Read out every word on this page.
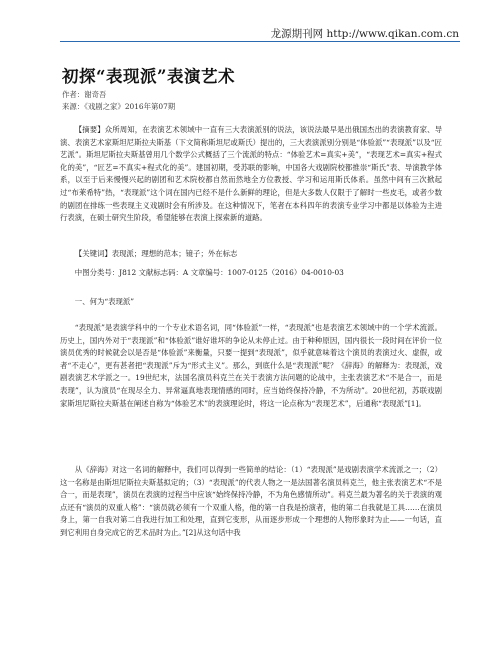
龙源期刊网 http://www.qikan.com.cn
初探“表现派”表演艺术
作者：谢奇吾
来源：《戏剧之家》2016年第07期

【摘要】众所周知，在表演艺术领域中一直有三大表演派别的说法，该说法最早是出俄国杰出的表演教育家、导演、表演艺术家斯坦尼斯拉夫斯基（下文简称斯坦尼或斯氏）提出的，三大表演派别分别是“体验派”“表现派”以及“匠艺派”。斯坦尼斯拉夫斯基曾用几个数学公式概括了三个流派的特点：“体验艺术=真实+美”，“表现艺术=真实+程式化的美”，“匠艺=不真实+程式化的美”。建国初期，受苏联的影响，中国各大戏剧院校都推崇“斯氏”表、导演教学体系，以至于后来慢慢兴起的剧团和艺术院校都自然而然地全方位教授、学习和运用斯氏体系。虽然中间有三次掀起过“布莱希特”热，“表现派”这个词在国内已经不是什么新鲜的理论，但是大多数人仅限于了解时一些皮毛，或者少数的剧团在排练一些表现主义戏剧时会有所涉及。在这种情况下，笔者在本科四年的表演专业学习中都是以体验为主进行表演，在硕士研究生阶段，希望能够在表演上探索新的道路。

【关键词】表现派；理想的范本；镜子；外在标志

中图分类号：J812 文献标志码：A 文章编号：1007-0125（2016）04-0010-03

一、何为“表现派”

“表现派”是表演学科中的一个专业术语名词，同“体验派”一样，“表现派”也是表演艺术领域中的一个学术流派。历史上，国内外对于“表现派”和“体验派”谁好谁坏的争论从未停止过。由于种种原因，国内很长一段时间在评价一位演员优秀的时候就会以是否是“体验派”来衡量，只要一提到“表现派”，似乎就意味着这个演员的表演过火、虚假，或者“不走心”，更有甚者把“表现派”斥为“形式主义”。那么，到底什么是“表现派”呢？《辞海》的解释为：表现派，戏剧表演艺术学派之一。19世纪末，法国名演员科克兰在关于表演方法问题的论战中，主张表演艺术“不是合一，而是表现”，认为演员“在现尽全力、异常逼真地表现情感的同时，应当始终保持冷静，不为所动”。20世纪初，苏联戏剧家斯坦尼斯拉夫斯基在阐述自称为“体验艺术”的表演理论时，将这一论点称为“表现艺术”，后通称“表现派”[1]。

从《辞海》对这一名词的解释中，我们可以得到一些简单的结论：（1）“表现派”是戏剧表演学术流派之一；（2）这一名称是由斯坦尼斯拉夫斯基拟定的；（3）“表现派”的代表人物之一是法国著名演员科克兰，他主张表演艺术“不是合一，而是表现”，演员在表演的过程当中应该“始终保持冷静，不为角色感情所动”。科克兰最为著名的关于表演的观点还有“演员的双重人格”：“演员就必须有一个双重人格，他的第一自我是扮演者，他的第二自我就是工具……在演员身上，第一自我对第二自我进行加工和处理，直到它变形，从而逐步形成一个理想的人物形象时为止——一句话，直到它利用自身完成它的艺术品时为止。”[2]从这句话中我
